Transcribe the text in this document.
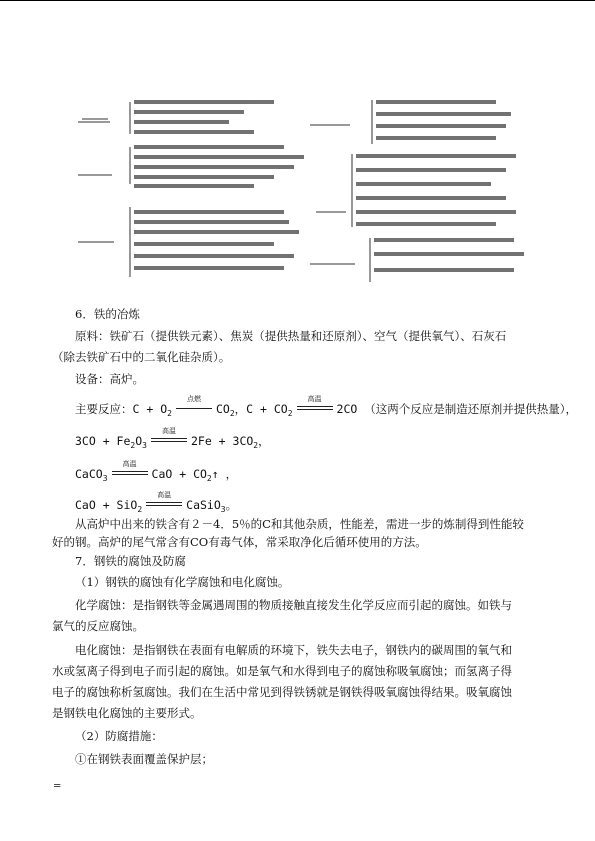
6．铁的冶炼
原料：铁矿石（提供铁元素）、焦炭（提供热量和还原剂）、空气（提供氧气）、石灰石
（除去铁矿石中的二氧化硅杂质）。
设备：高炉。
主要反应：$C + O_2$
点燃
$CO_2$，$C + CO_2$
高温
2CO （这两个反应是制造还原剂并提供热量），
$3CO + Fe_2O_3$
高温
$2Fe + 3CO_2$，
CaCO$_3$
高温
CaO + $CO_2↑$ ，
CaO + SiO$_2$
高温
CaSiO$_3$。
从高炉中出来的铁含有２－4．5％的C和其他杂质，性能差，需进一步的炼制得到性能较
好的钢。高炉的尾气常含有CO有毒气体，常采取净化后循环使用的方法。
7．钢铁的腐蚀及防腐
（1）钢铁的腐蚀有化学腐蚀和电化腐蚀。
化学腐蚀：是指钢铁等金属遇周围的物质接触直接发生化学反应而引起的腐蚀。如铁与
氯气的反应腐蚀。
电化腐蚀：是指钢铁在表面有电解质的环境下，铁失去电子，钢铁内的碳周围的氧气和
水或氢离子得到电子而引起的腐蚀。如是氧气和水得到电子的腐蚀称吸氧腐蚀；而氢离子得
电子的腐蚀称析氢腐蚀。我们在生活中常见到得铁锈就是钢铁得吸氧腐蚀得结果。吸氧腐蚀
是钢铁电化腐蚀的主要形式。
（2）防腐措施：
①在钢铁表面覆盖保护层；
=
